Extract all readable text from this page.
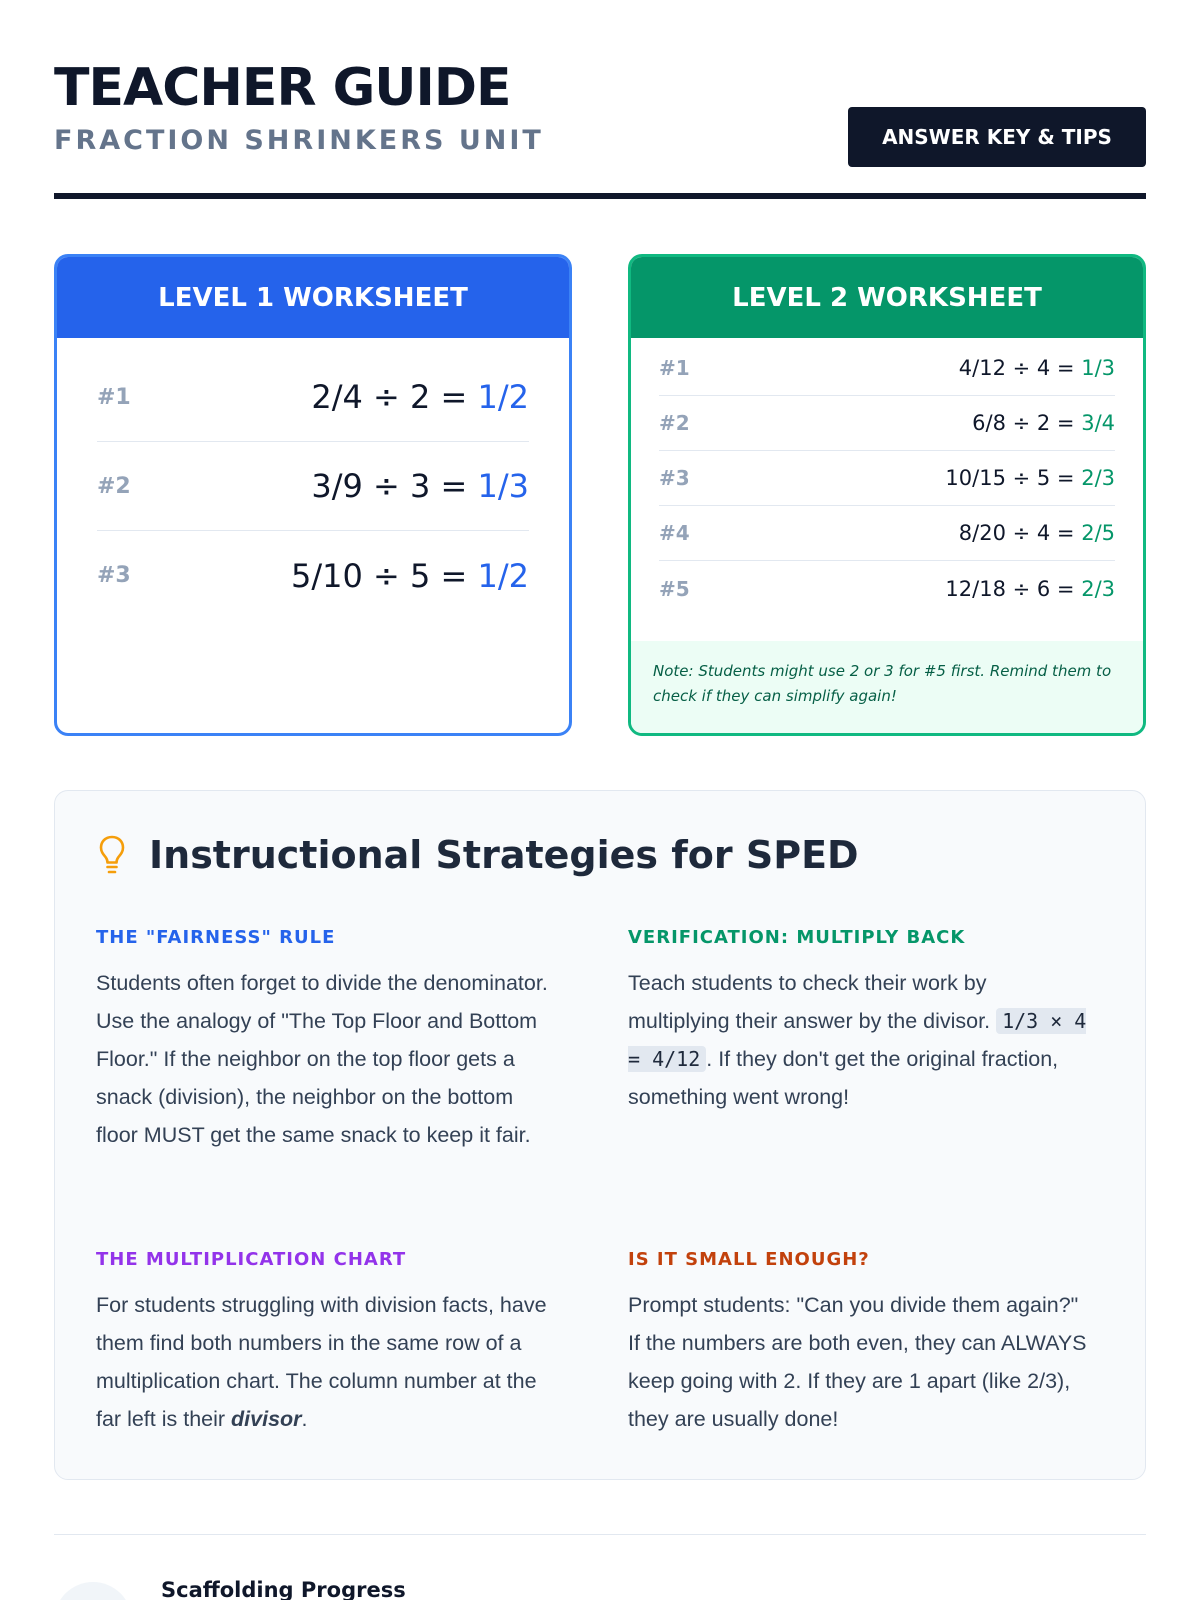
TEACHER GUIDE
FRACTION SHRINKERS UNIT	ANSWER KEY & TIPS
LEVEL 1 WORKSHEET
#1	2/4 ÷ 2 = 1/2
#2	3/9 ÷ 3 = 1/3
#3	5/10 ÷ 5 = 1/2
LEVEL 2 WORKSHEET
#1	4/12 ÷ 4 = 1/3
#2	6/8 ÷ 2 = 3/4
#3	10/15 ÷ 5 = 2/3
#4	8/20 ÷ 4 = 2/5
#5	12/18 ÷ 6 = 2/3
Note: Students might use 2 or 3 for #5 first. Remind them to check if they can simplify again!
Instructional Strategies for SPED
THE "FAIRNESS" RULE

Students often forget to divide the denominator. Use the analogy of "The Top Floor and Bottom Floor." If the neighbor on the top floor gets a snack (division), the neighbor on the bottom floor MUST get the same snack to keep it fair.

VERIFICATION: MULTIPLY BACK

Teach students to check their work by multiplying their answer by the divisor. 1/3 × 4 = 4/12 . If they don't get the original fraction, something went wrong!

THE MULTIPLICATION CHART

For students struggling with division facts, have them find both numbers in the same row of a multiplication chart. The column number at the far left is their divisor.

IS IT SMALL ENOUGH?

Prompt students: "Can you divide them again?" If the numbers are both even, they can ALWAYS keep going with 2. If they are 1 apart (like 2/3), they are usually done!

Scaffolding Progress
